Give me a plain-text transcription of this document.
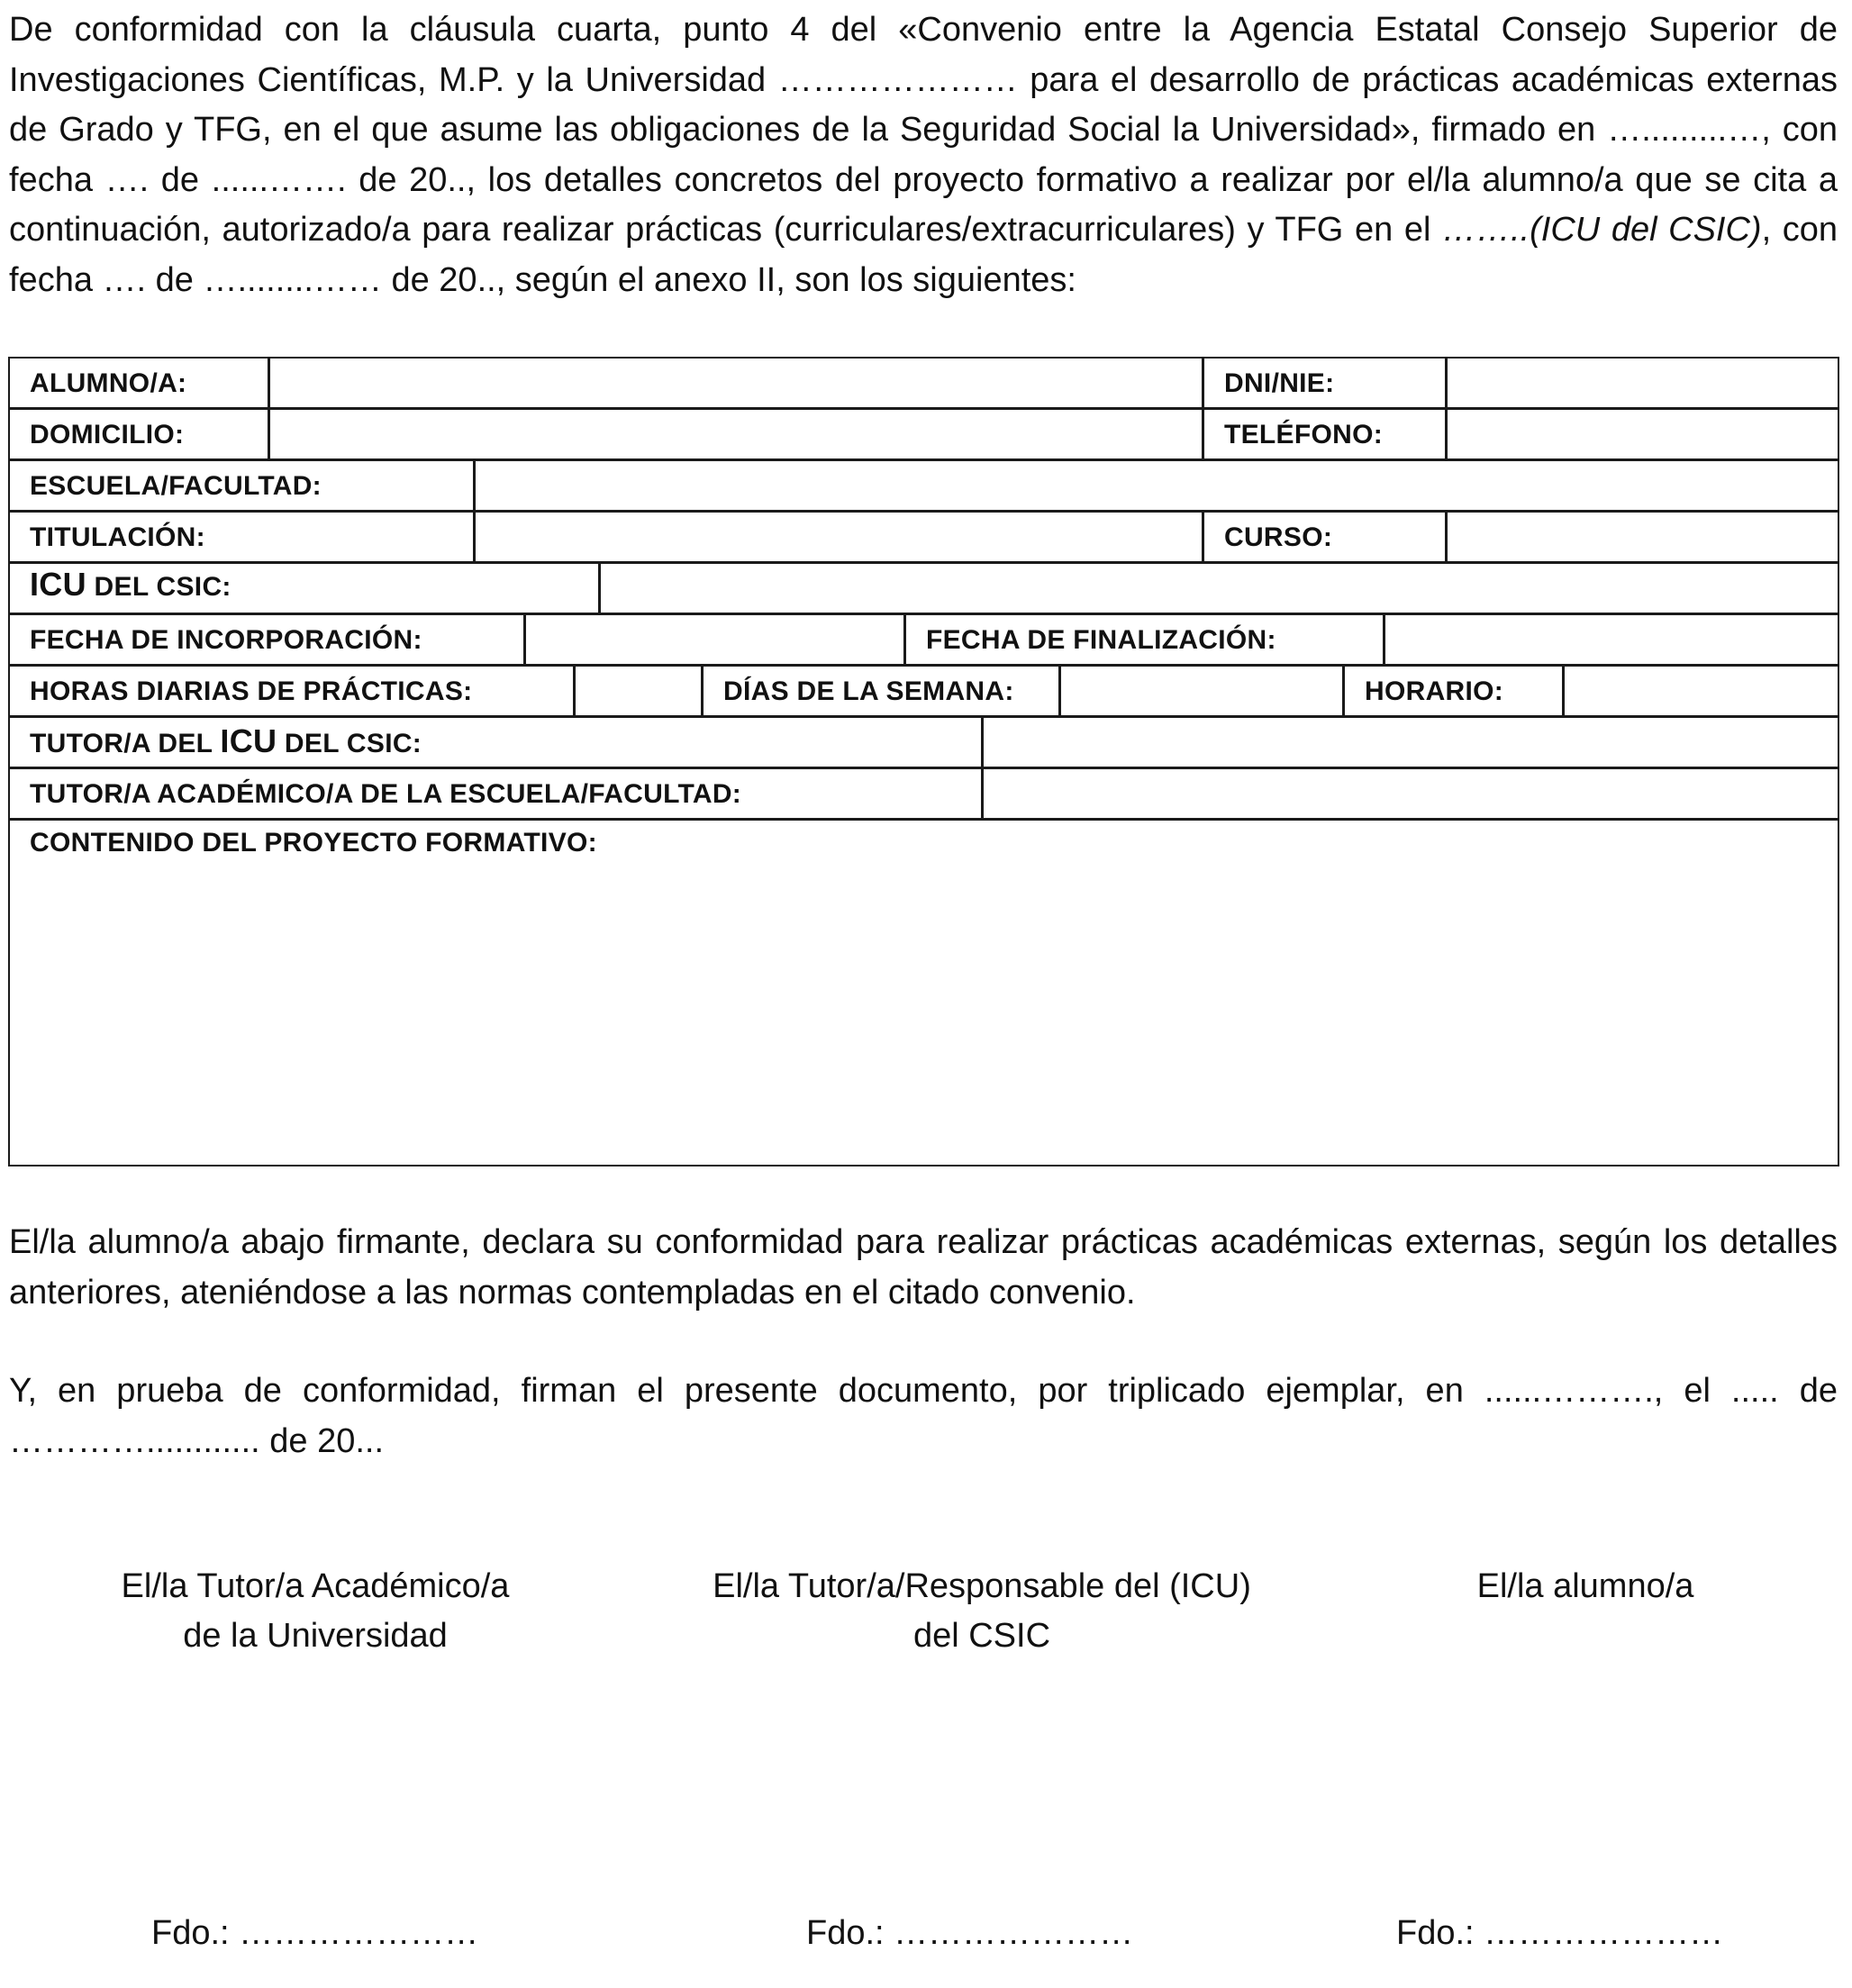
De conformidad con la cláusula cuarta, punto 4 del «Convenio entre la Agencia Estatal Consejo Superior de Investigaciones Científicas, M.P. y la Universidad ………………… para el desarrollo de prácticas académicas externas de Grado y TFG, en el que asume las obligaciones de la Seguridad Social la Universidad», firmado en ….........…, con fecha …. de ......……. de 20.., los detalles concretos del proyecto formativo a realizar por el/la alumno/a que se cita a continuación, autorizado/a para realizar prácticas (curriculares/extracurriculares) y TFG en el ……..(ICU del CSIC), con fecha …. de …........…… de 20.., según el anexo II, son los siguientes:

ALUMNO/A:	DNI/NIE:
DOMICILIO:	TELÉFONO:
ESCUELA/FACULTAD:
TITULACIÓN:	CURSO:
ICU DEL CSIC:
FECHA DE INCORPORACIÓN:	FECHA DE FINALIZACIÓN:
HORAS DIARIAS DE PRÁCTICAS:	DÍAS DE LA SEMANA:	HORARIO:
TUTOR/A DEL ICU DEL CSIC:
TUTOR/A ACADÉMICO/A DE LA ESCUELA/FACULTAD:
CONTENIDO DEL PROYECTO FORMATIVO:

El/la alumno/a abajo firmante, declara su conformidad para realizar prácticas académicas externas, según los detalles anteriores, ateniéndose a las normas contempladas en el citado convenio.

Y, en prueba de conformidad, firman el presente documento, por triplicado ejemplar, en ......………., el ..... de …………............ de 20...

El/la Tutor/a Académico/a
de la Universidad
El/la Tutor/a/Responsable del (ICU)
del CSIC
El/la alumno/a
Fdo.: …………………	Fdo.: …………………	Fdo.: …………………
